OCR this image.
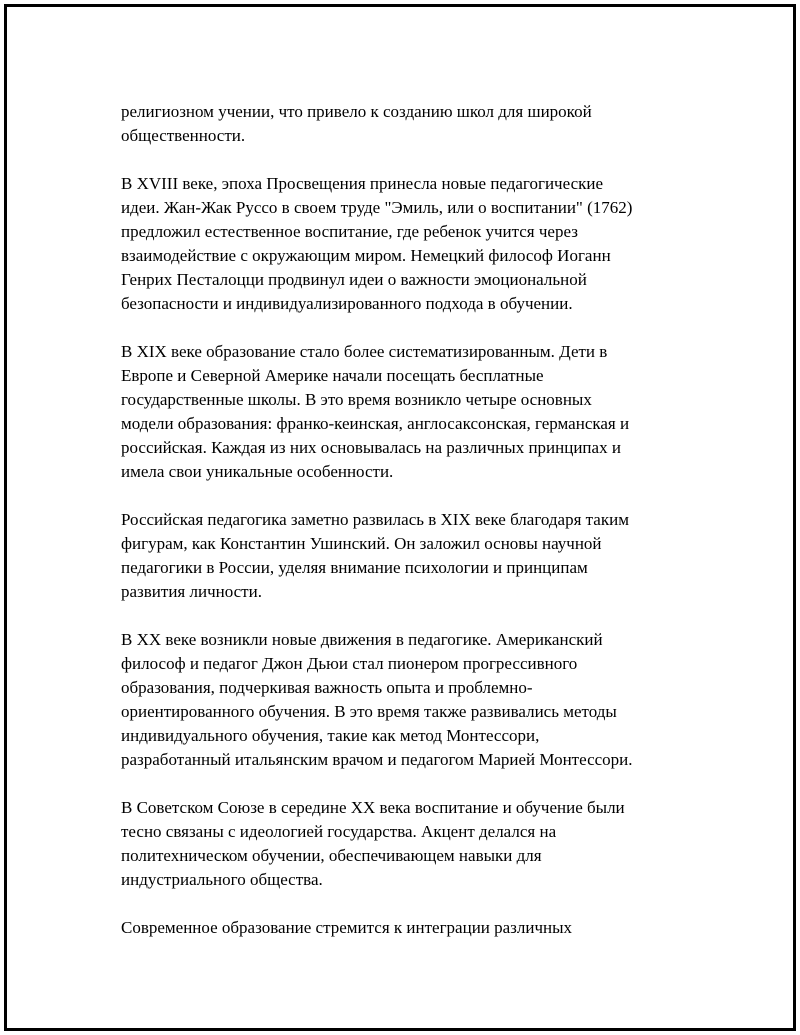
религиозном учении, что привело к созданию школ для широкой
общественности.

В XVIII веке, эпоха Просвещения принесла новые педагогические
идеи. Жан-Жак Руссо в своем труде "Эмиль, или о воспитании" (1762)
предложил естественное воспитание, где ребенок учится через
взаимодействие с окружающим миром. Немецкий философ Иоганн
Генрих Песталоцци продвинул идеи о важности эмоциональной
безопасности и индивидуализированного подхода в обучении.

В XIX веке образование стало более систематизированным. Дети в
Европе и Северной Америке начали посещать бесплатные
государственные школы. В это время возникло четыре основных
модели образования: франко-кеинская, англосаксонская, германская и
российская. Каждая из них основывалась на различных принципах и
имела свои уникальные особенности.

Российская педагогика заметно развилась в XIX веке благодаря таким
фигурам, как Константин Ушинский. Он заложил основы научной
педагогики в России, уделяя внимание психологии и принципам
развития личности.

В XX веке возникли новые движения в педагогике. Американский
философ и педагог Джон Дьюи стал пионером прогрессивного
образования, подчеркивая важность опыта и проблемно-
ориентированного обучения. В это время также развивались методы
индивидуального обучения, такие как метод Монтессори,
разработанный итальянским врачом и педагогом Марией Монтессори.

В Советском Союзе в середине XX века воспитание и обучение были
тесно связаны с идеологией государства. Акцент делался на
политехническом обучении, обеспечивающем навыки для
индустриального общества.

Современное образование стремится к интеграции различных
